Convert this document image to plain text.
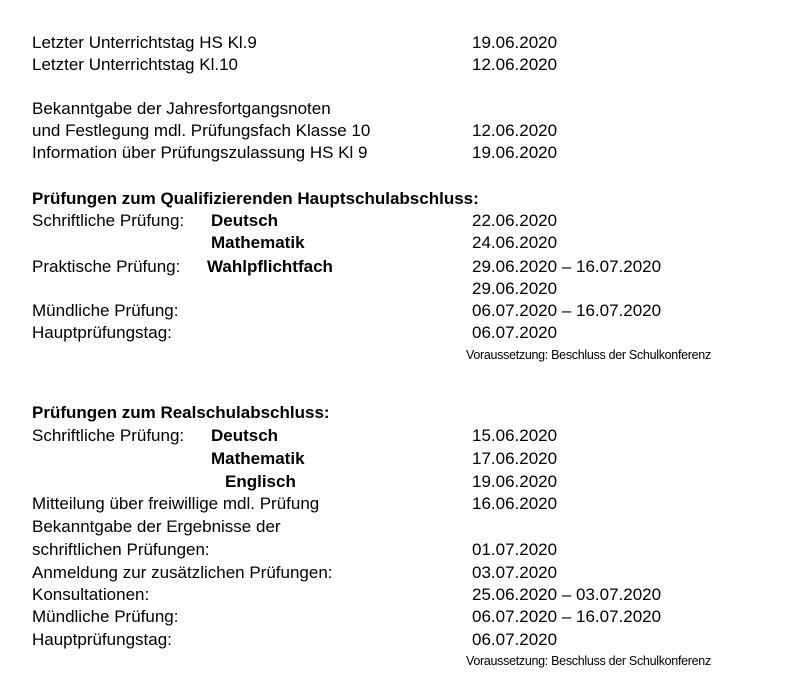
Letzter Unterrichtstag HS Kl.9	19.06.2020
Letzter Unterrichtstag Kl.10	12.06.2020
Bekanntgabe der Jahresfortgangsnoten
und Festlegung mdl. Prüfungsfach Klasse 10	12.06.2020
Information über Prüfungszulassung HS Kl 9	19.06.2020
Prüfungen zum Qualifizierenden Hauptschulabschluss:
Schriftliche Prüfung: Deutsch	22.06.2020
Mathematik	24.06.2020
Praktische Prüfung: Wahlpflichtfach	29.06.2020 – 16.07.2020
29.06.2020
Mündliche Prüfung:	06.07.2020 – 16.07.2020
Hauptprüfungstag:	06.07.2020
Voraussetzung: Beschluss der Schulkonferenz
Prüfungen zum Realschulabschluss:
Schriftliche Prüfung: Deutsch	15.06.2020
Mathematik	17.06.2020
Englisch	19.06.2020
Mitteilung über freiwillige mdl. Prüfung	16.06.2020
Bekanntgabe der Ergebnisse der
schriftlichen Prüfungen:	01.07.2020
Anmeldung zur zusätzlichen Prüfungen:	03.07.2020
Konsultationen:	25.06.2020 – 03.07.2020
Mündliche Prüfung:	06.07.2020 – 16.07.2020
Hauptprüfungstag:	06.07.2020
Voraussetzung: Beschluss der Schulkonferenz
